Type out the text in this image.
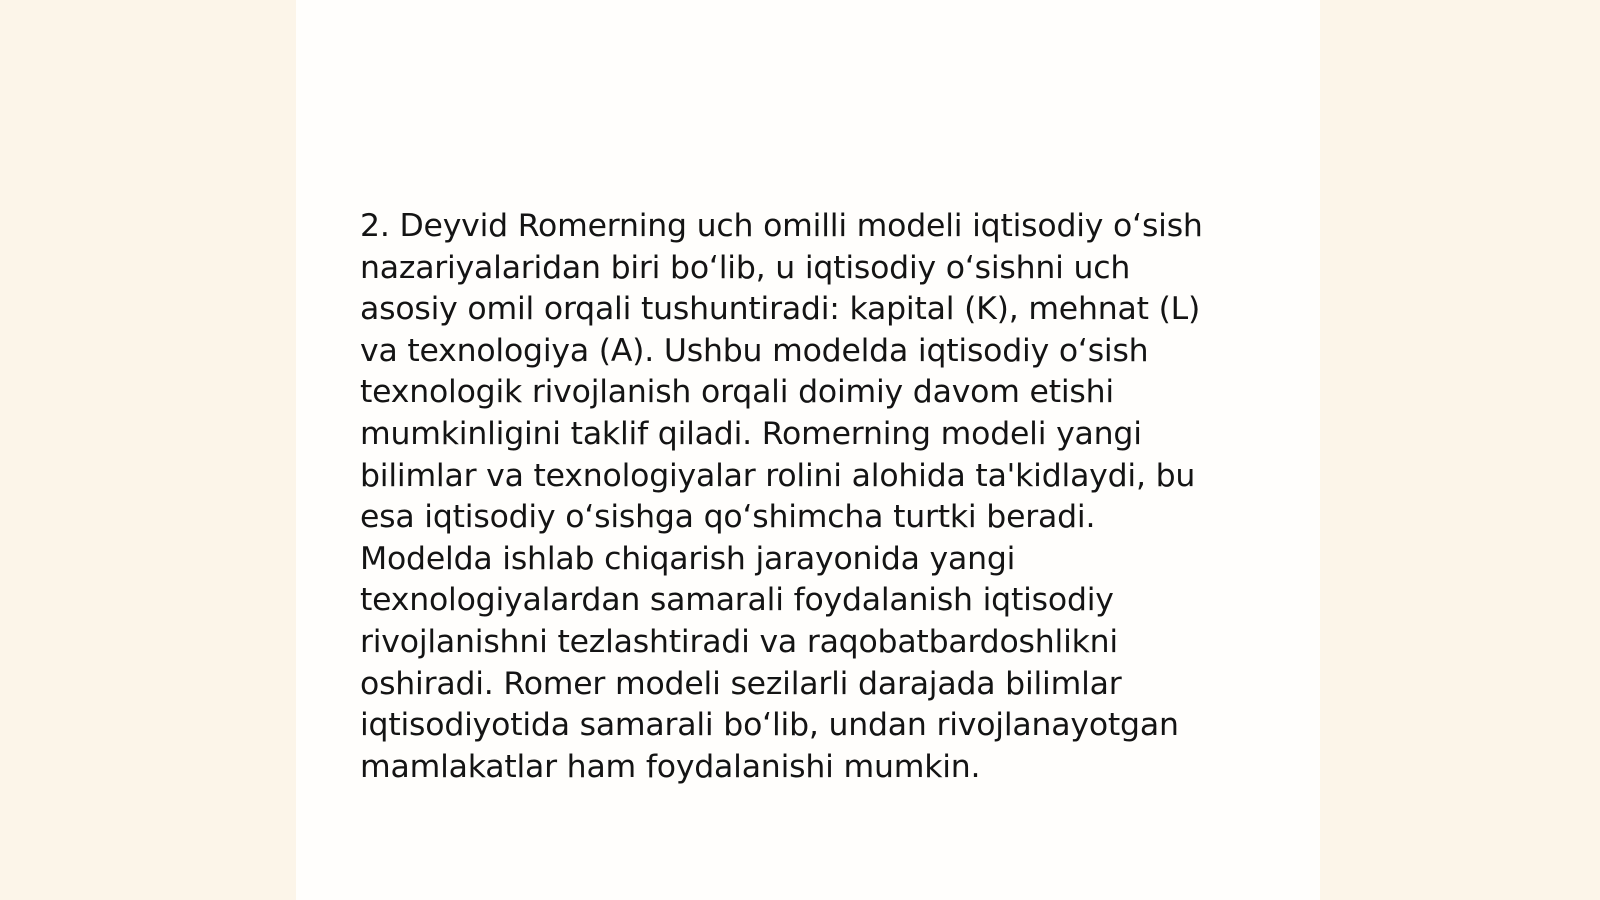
2. Deyvid Romerning uch omilli modeli iqtisodiy o‘sish
nazariyalaridan biri bo‘lib, u iqtisodiy o‘sishni uch
asosiy omil orqali tushuntiradi: kapital (K), mehnat (L)
va texnologiya (A). Ushbu modelda iqtisodiy o‘sish
texnologik rivojlanish orqali doimiy davom etishi
mumkinligini taklif qiladi. Romerning modeli yangi
bilimlar va texnologiyalar rolini alohida ta'kidlaydi, bu
esa iqtisodiy o‘sishga qo‘shimcha turtki beradi.
Modelda ishlab chiqarish jarayonida yangi
texnologiyalardan samarali foydalanish iqtisodiy
rivojlanishni tezlashtiradi va raqobatbardoshlikni
oshiradi. Romer modeli sezilarli darajada bilimlar
iqtisodiyotida samarali bo‘lib, undan rivojlanayotgan
mamlakatlar ham foydalanishi mumkin.
